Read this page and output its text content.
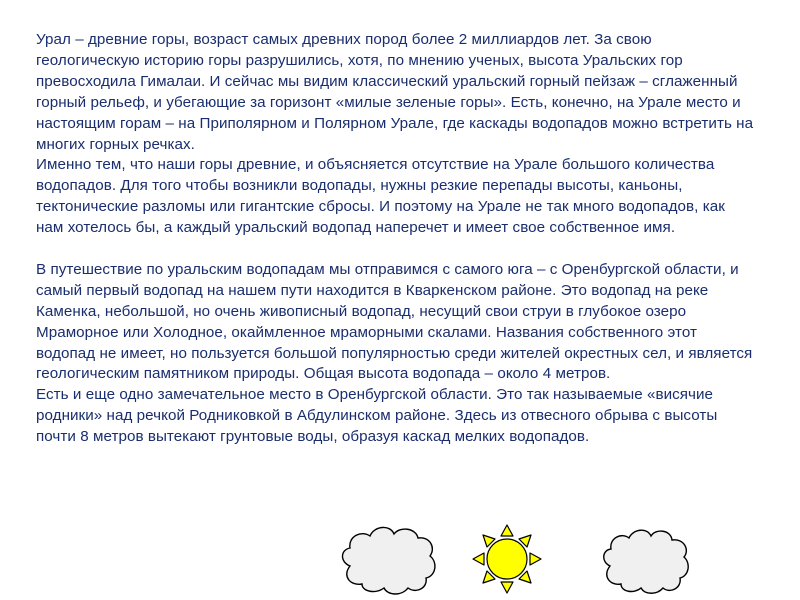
Урал – древние горы, возраст самых древних пород более 2 миллиардов лет. За свою геологическую историю горы разрушились, хотя, по мнению ученых, высота Уральских гор превосходила Гималаи. И сейчас мы видим классический уральский горный пейзаж – сглаженный горный рельеф, и убегающие за горизонт «милые зеленые горы». Есть, конечно, на Урале место и настоящим горам – на Приполярном и Полярном Урале, где каскады водопадов можно встретить на многих горных речках.

Именно тем, что наши горы древние, и объясняется отсутствие на Урале большого количества водопадов. Для того чтобы возникли водопады, нужны резкие перепады высоты, каньоны, тектонические разломы или гигантские сбросы. И поэтому на Урале не так много водопадов, как нам хотелось бы, а каждый уральский водопад наперечет и имеет свое собственное имя.

В путешествие по уральским водопадам мы отправимся с самого юга – с Оренбургской области, и самый первый водопад на нашем пути находится в Кваркенском районе. Это водопад на реке Каменка, небольшой, но очень живописный водопад, несущий свои струи в глубокое озеро Мраморное или Холодное, окаймленное мраморными скалами. Названия собственного этот водопад не имеет, но пользуется большой популярностью среди жителей окрестных сел, и является геологическим памятником природы. Общая высота водопада – около 4 метров.

Есть и еще одно замечательное место в Оренбургской области. Это так называемые «висячие родники» над речкой Родниковкой в Абдулинском районе. Здесь из отвесного обрыва с высоты почти 8 метров вытекают грунтовые воды, образуя каскад мелких водопадов.
